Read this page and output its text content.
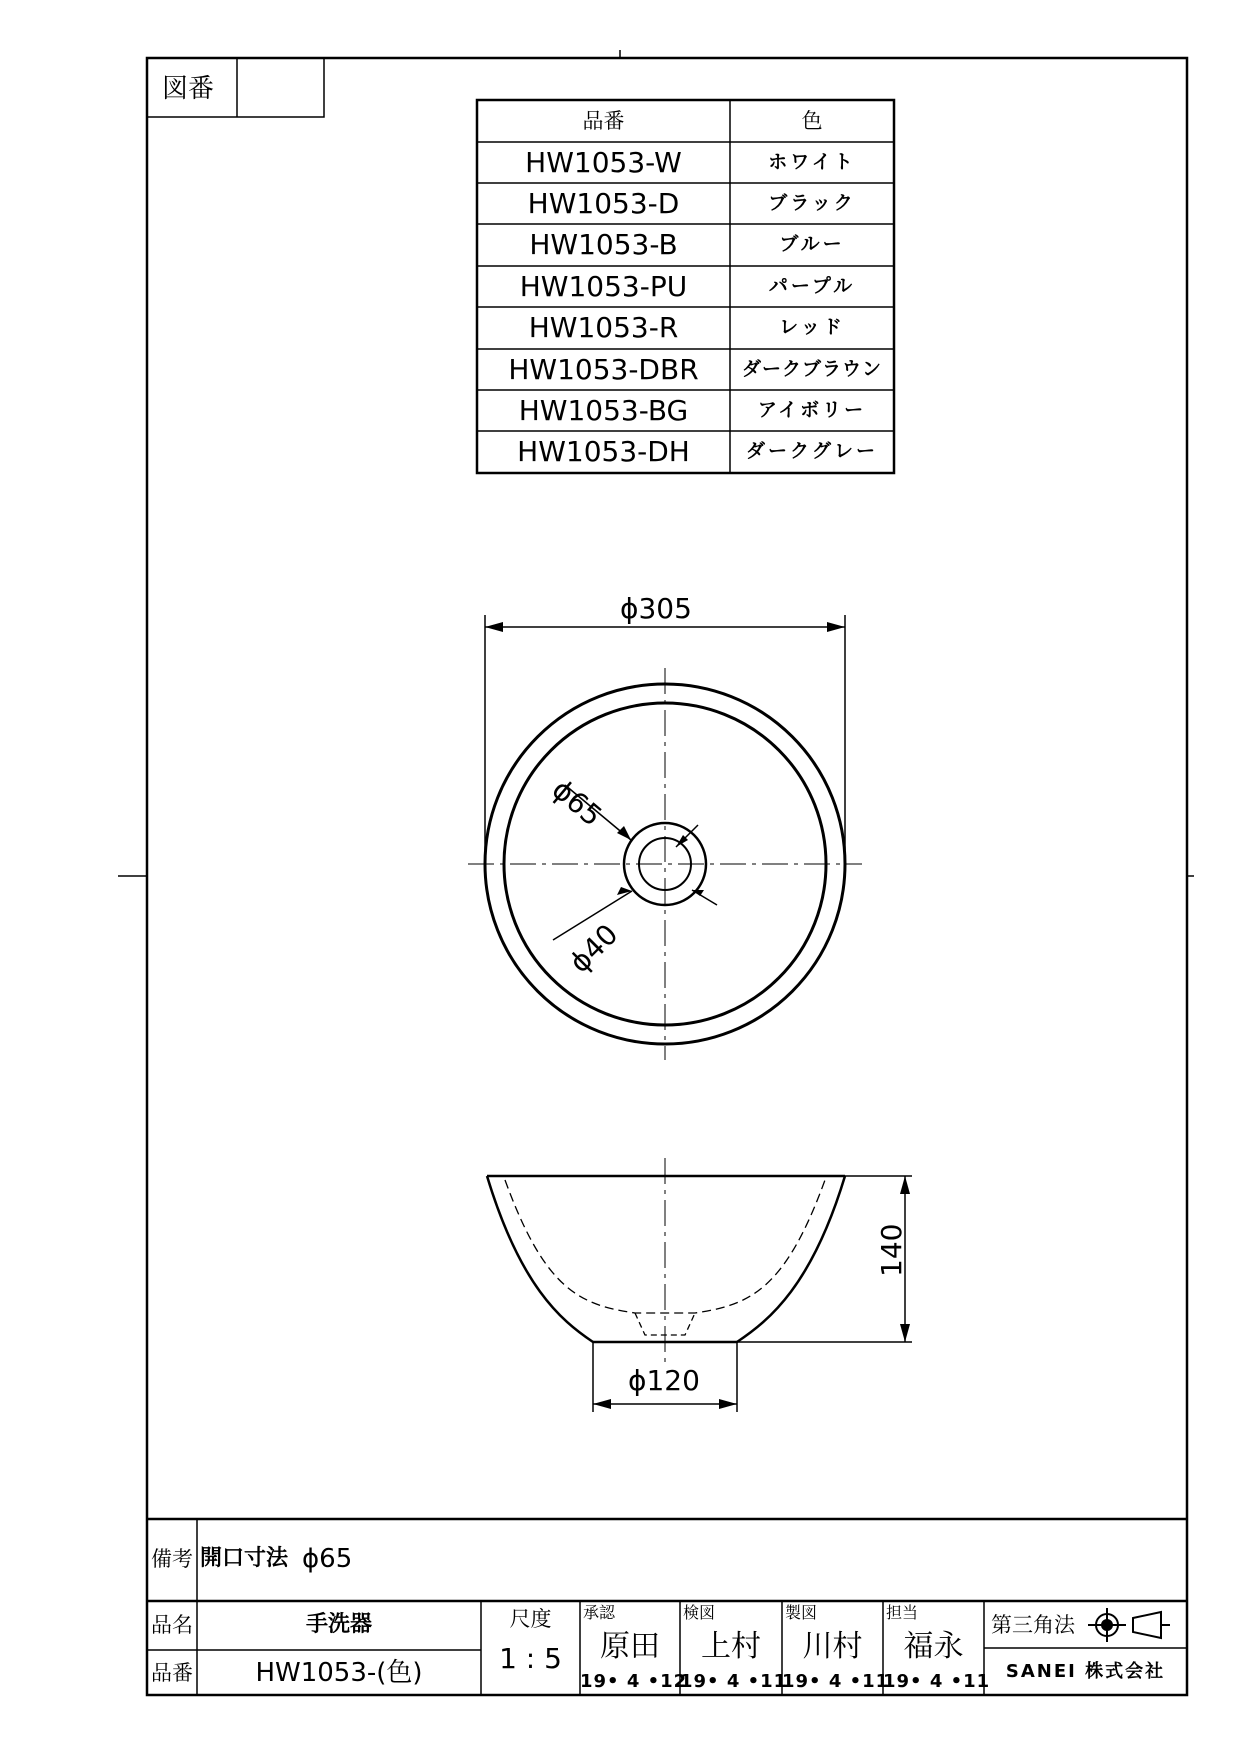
図番
品番	色
HW1053-W	ホワイト
HW1053-D	ブラック
HW1053-B	ブルー
HW1053-PU	パープル
HW1053-R	レッド
HW1053-DBR	ダークブラウン
HW1053-BG	アイボリー
HW1053-DH	ダークグレー
ϕ305
ϕ65
ϕ40
140
ϕ120
備考 開口寸法 ϕ65
品名	手洗器
品番	HW1053-(色)
尺度
1 : 5
承認
原田
19• 4 •12
検図
上村
19• 4 •11
製図
川村
19• 4 •11
担当
福永
19• 4 •11
第三角法
SANEI 株式会社
